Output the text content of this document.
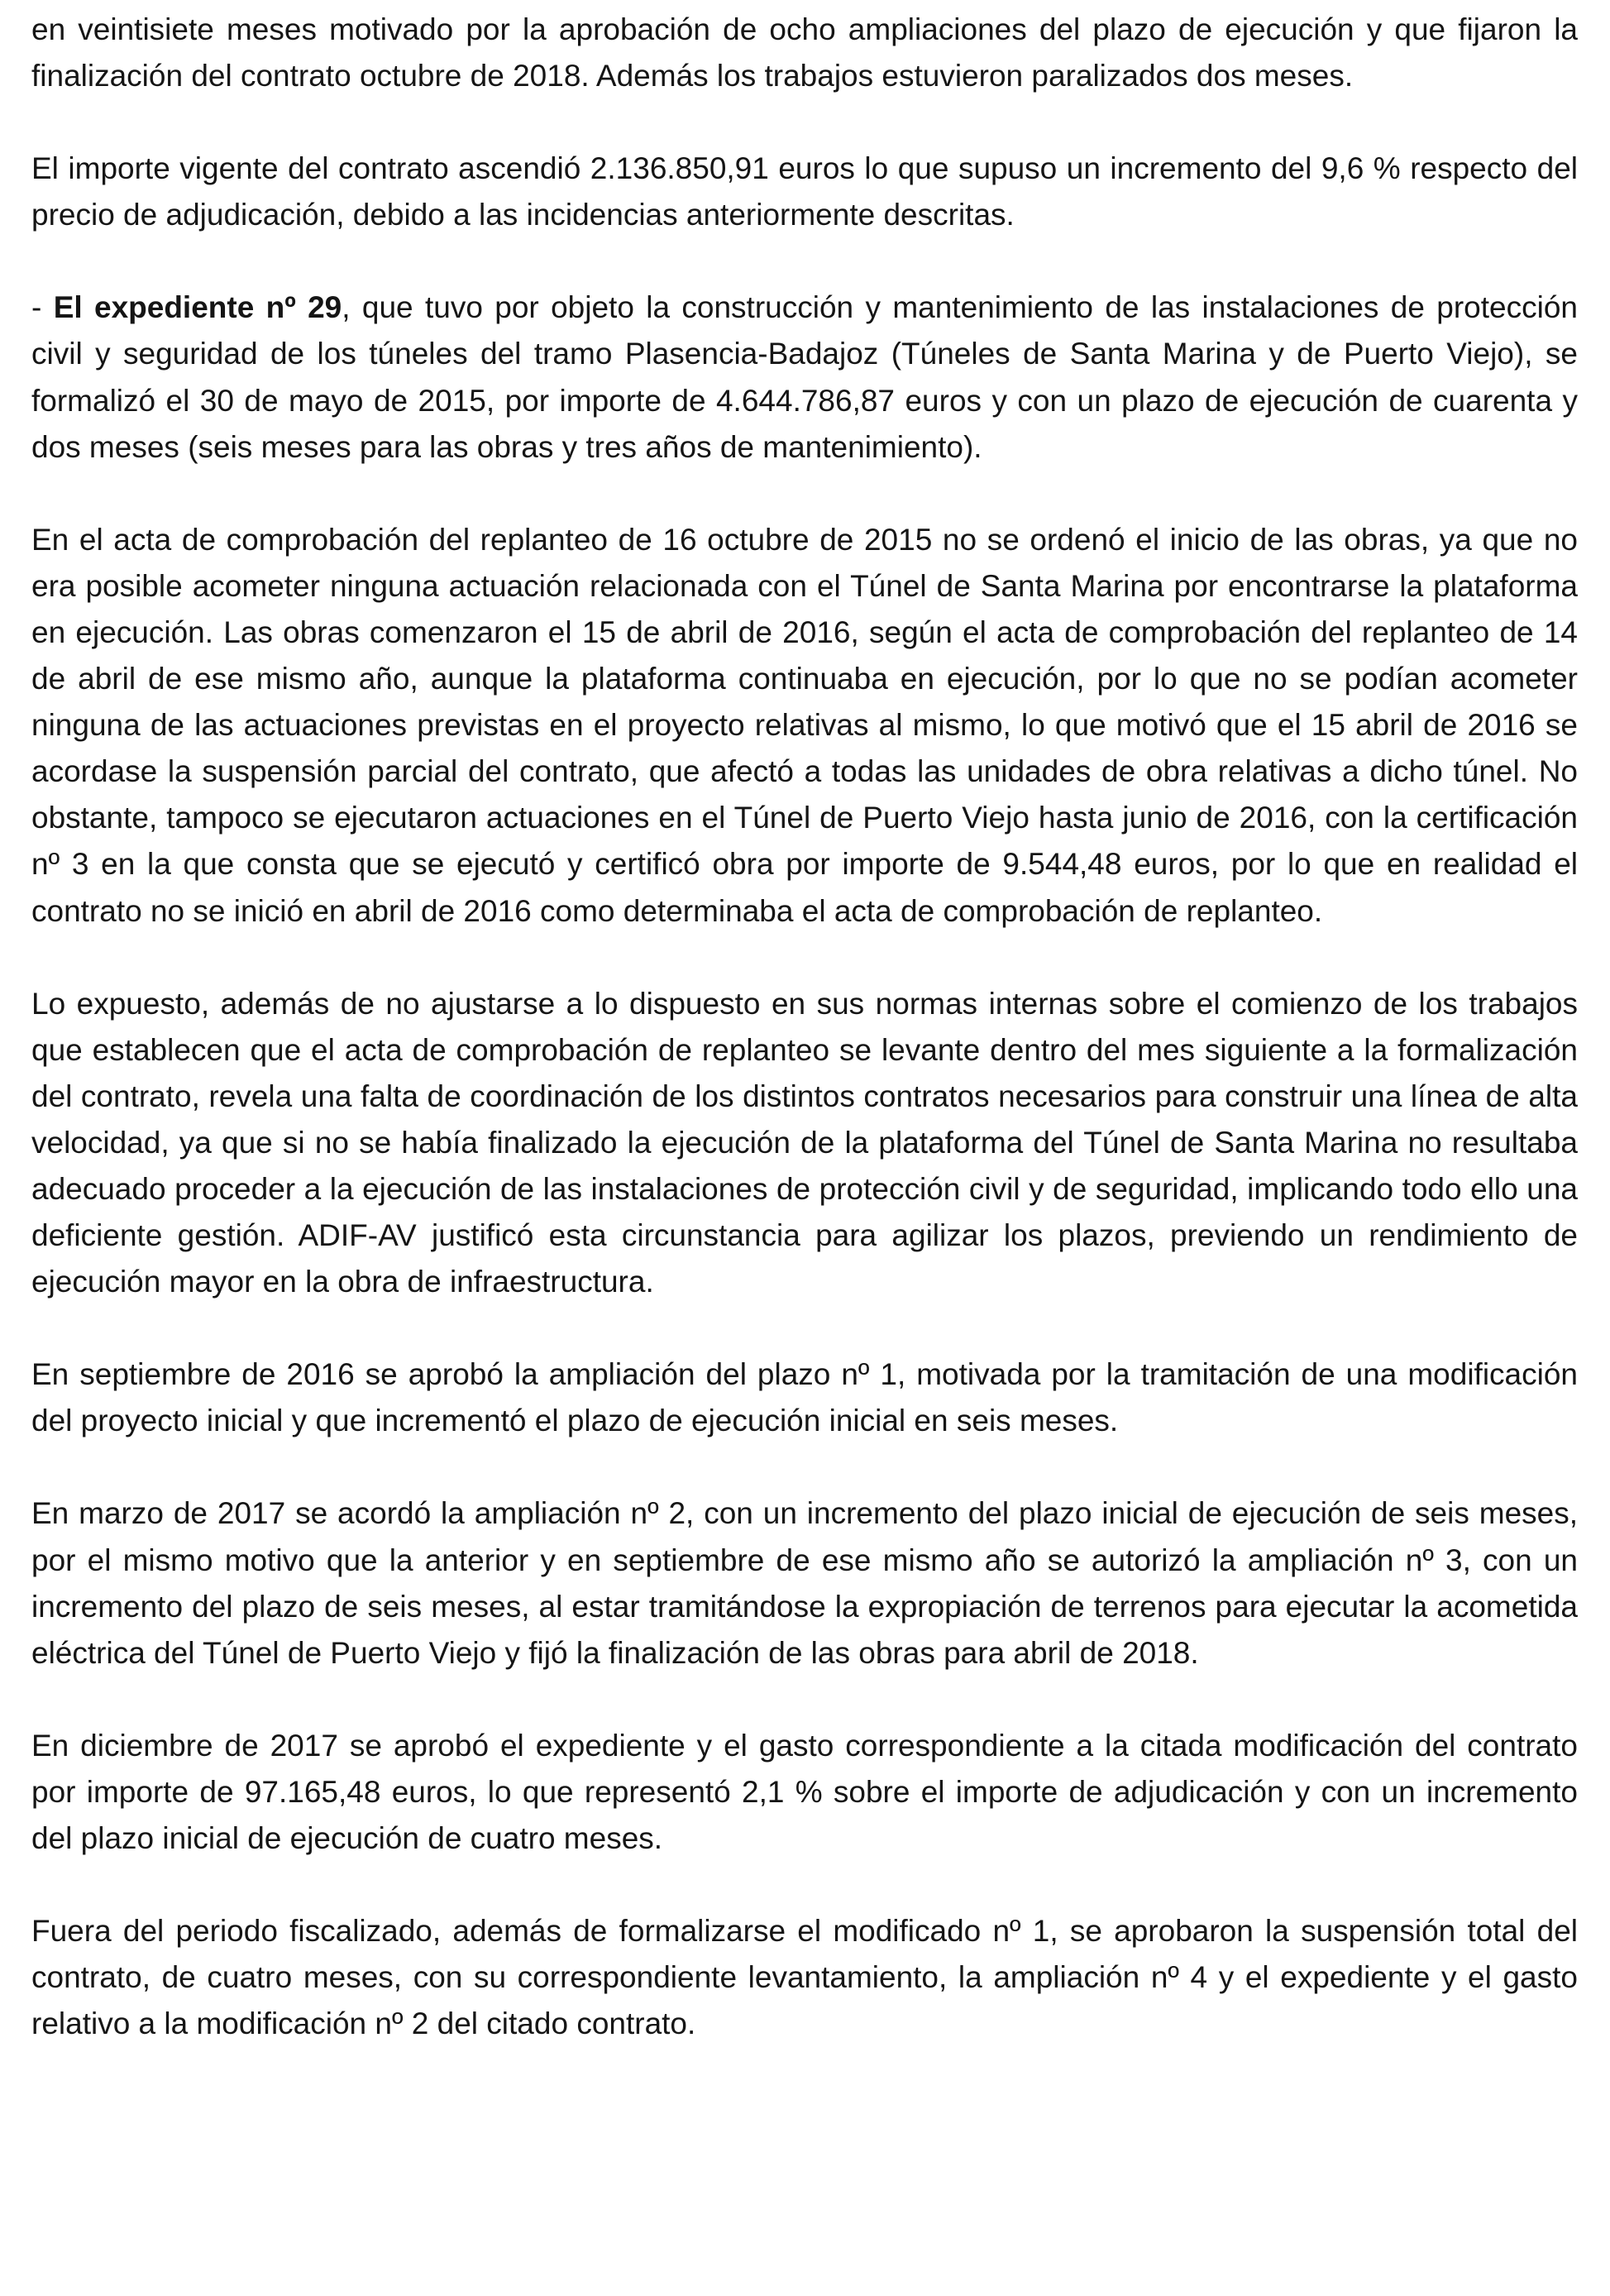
en veintisiete meses motivado por la aprobación de ocho ampliaciones del plazo de ejecución y que fijaron la finalización del contrato octubre de 2018. Además los trabajos estuvieron paralizados dos meses.

El importe vigente del contrato ascendió 2.136.850,91 euros lo que supuso un incremento del 9,6 % respecto del precio de adjudicación, debido a las incidencias anteriormente descritas.

- El expediente nº 29, que tuvo por objeto la construcción y mantenimiento de las instalaciones de protección civil y seguridad de los túneles del tramo Plasencia-Badajoz (Túneles de Santa Marina y de Puerto Viejo), se formalizó el 30 de mayo de 2015, por importe de 4.644.786,87 euros y con un plazo de ejecución de cuarenta y dos meses (seis meses para las obras y tres años de mantenimiento).

En el acta de comprobación del replanteo de 16 octubre de 2015 no se ordenó el inicio de las obras, ya que no era posible acometer ninguna actuación relacionada con el Túnel de Santa Marina por encontrarse la plataforma en ejecución. Las obras comenzaron el 15 de abril de 2016, según el acta de comprobación del replanteo de 14 de abril de ese mismo año, aunque la plataforma continuaba en ejecución, por lo que no se podían acometer ninguna de las actuaciones previstas en el proyecto relativas al mismo, lo que motivó que el 15 abril de 2016 se acordase la suspensión parcial del contrato, que afectó a todas las unidades de obra relativas a dicho túnel. No obstante, tampoco se ejecutaron actuaciones en el Túnel de Puerto Viejo hasta junio de 2016, con la certificación nº 3 en la que consta que se ejecutó y certificó obra por importe de 9.544,48 euros, por lo que en realidad el contrato no se inició en abril de 2016 como determinaba el acta de comprobación de replanteo.

Lo expuesto, además de no ajustarse a lo dispuesto en sus normas internas sobre el comienzo de los trabajos que establecen que el acta de comprobación de replanteo se levante dentro del mes siguiente a la formalización del contrato, revela una falta de coordinación de los distintos contratos necesarios para construir una línea de alta velocidad, ya que si no se había finalizado la ejecución de la plataforma del Túnel de Santa Marina no resultaba adecuado proceder a la ejecución de las instalaciones de protección civil y de seguridad, implicando todo ello una deficiente gestión. ADIF-AV justificó esta circunstancia para agilizar los plazos, previendo un rendimiento de ejecución mayor en la obra de infraestructura.

En septiembre de 2016 se aprobó la ampliación del plazo nº 1, motivada por la tramitación de una modificación del proyecto inicial y que incrementó el plazo de ejecución inicial en seis meses.

En marzo de 2017 se acordó la ampliación nº 2, con un incremento del plazo inicial de ejecución de seis meses, por el mismo motivo que la anterior y en septiembre de ese mismo año se autorizó la ampliación nº 3, con un incremento del plazo de seis meses, al estar tramitándose la expropiación de terrenos para ejecutar la acometida eléctrica del Túnel de Puerto Viejo y fijó la finalización de las obras para abril de 2018.

En diciembre de 2017 se aprobó el expediente y el gasto correspondiente a la citada modificación del contrato por importe de 97.165,48 euros, lo que representó 2,1 % sobre el importe de adjudicación y con un incremento del plazo inicial de ejecución de cuatro meses.

Fuera del periodo fiscalizado, además de formalizarse el modificado nº 1, se aprobaron la suspensión total del contrato, de cuatro meses, con su correspondiente levantamiento, la ampliación nº 4 y el expediente y el gasto relativo a la modificación nº 2 del citado contrato.
